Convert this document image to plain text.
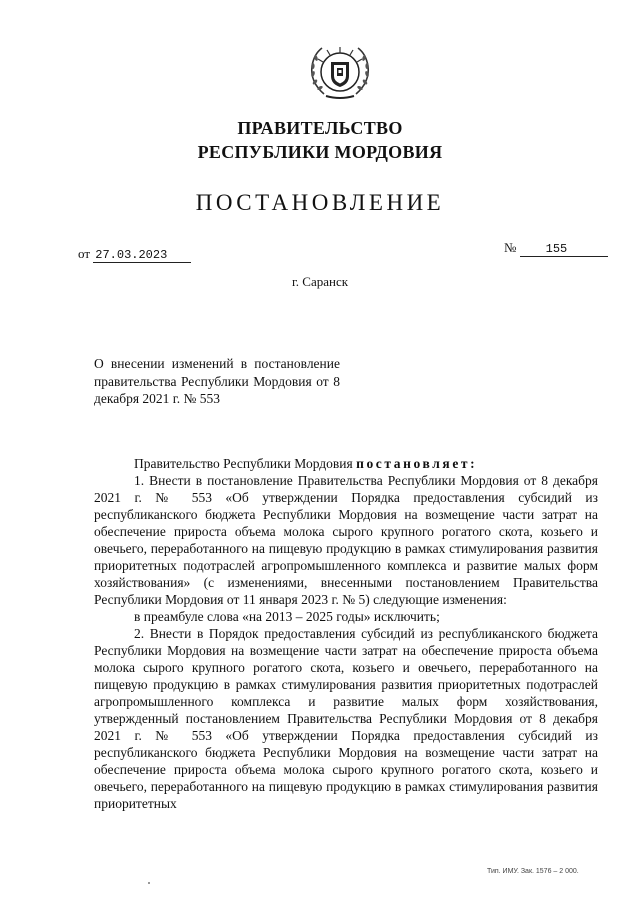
ПРАВИТЕЛЬСТВО
РЕСПУБЛИКИ МОРДОВИЯ
ПОСТАНОВЛЕНИЕ
от 27.03.2023	№ 155
г. Саранск
О внесении изменений в постановление правительства Республики Мордовия от 8 декабря 2021 г. № 553

Правительство Республики Мордовия постановляет:

1. Внести в постановление Правительства Республики Мордовия от 8 декабря 2021 г. № 553 «Об утверждении Порядка предоставления субсидий из республиканского бюджета Республики Мордовия на возмещение части затрат на обеспечение прироста объема молока сырого крупного рогатого скота, козьего и овечьего, переработанного на пищевую продукцию в рамках стимулирования развития приоритетных подотраслей агропромышленного комплекса и развитие малых форм хозяйствования» (с изменениями, внесенными постановлением Правительства Республики Мордовия от 11 января 2023 г. № 5) следующие изменения:

в преамбуле слова «на 2013 – 2025 годы» исключить;

2. Внести в Порядок предоставления субсидий из республиканского бюджета Республики Мордовия на возмещение части затрат на обеспечение прироста объема молока сырого крупного рогатого скота, козьего и овечьего, переработанного на пищевую продукцию в рамках стимулирования развития приоритетных подотраслей агропромышленного комплекса и развитие малых форм хозяйствования, утвержденный постановлением Правительства Республики Мордовия от 8 декабря 2021 г. № 553 «Об утверждении Порядка предоставления субсидий из республиканского бюджета Республики Мордовия на возмещение части затрат на обеспечение прироста объема молока сырого крупного рогатого скота, козьего и овечьего, переработанного на пищевую продукцию в рамках стимулирования развития приоритетных

Тип. ИМУ. Зак. 1576 – 2 000.
